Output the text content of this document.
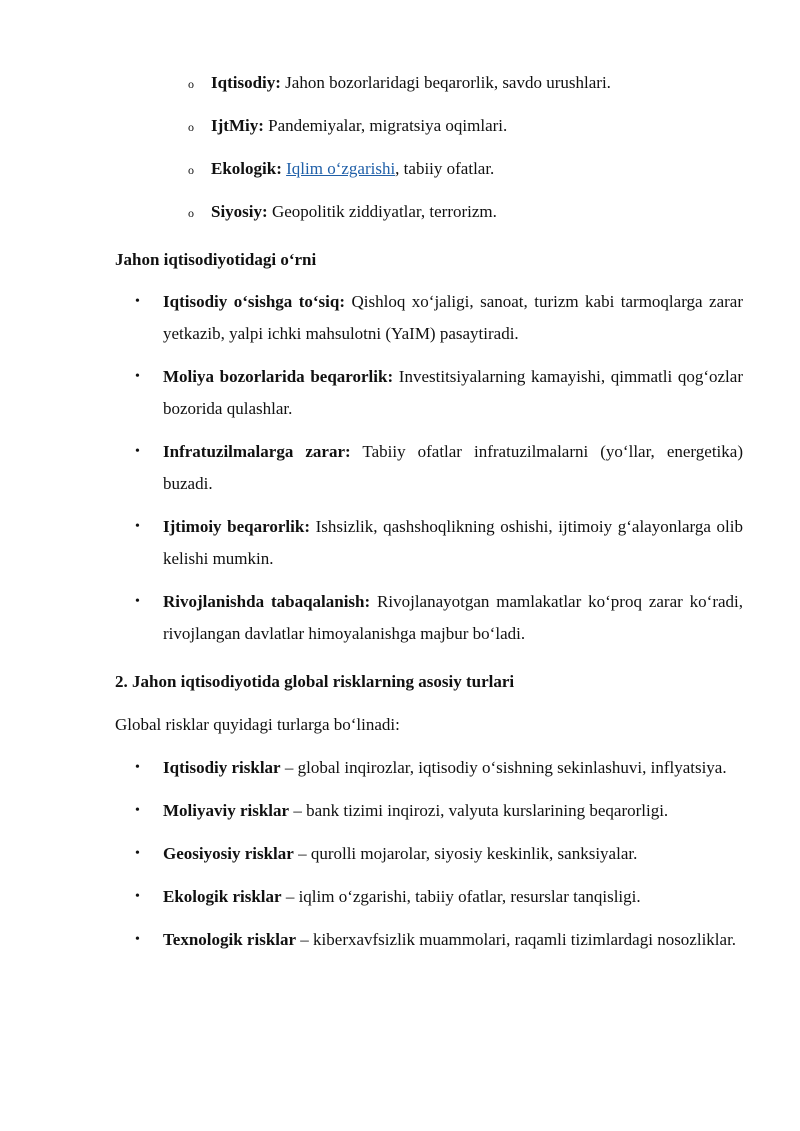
o	Iqtisodiy: Jahon bozorlaridagi beqarorlik, savdo urushlari.
o	IjtMiy: Pandemiyalar, migratsiya oqimlari.
o	Ekologik: Iqlim o‘zgarishi, tabiiy ofatlar.
o	Siyosiy: Geopolitik ziddiyatlar, terrorizm.
Jahon iqtisodiyotidagi o‘rni
•	Iqtisodiy o‘sishga to‘siq: Qishloq xo‘jaligi, sanoat, turizm kabi tarmoqlarga zarar yetkazib, yalpi ichki mahsulotni (YaIM) pasaytiradi.
•	Moliya bozorlarida beqarorlik: Investitsiyalarning kamayishi, qimmatli qog‘ozlar bozorida qulashlar.
•	Infratuzilmalarga zarar: Tabiiy ofatlar infratuzilmalarni (yo‘llar, energetika) buzadi.
•	Ijtimoiy beqarorlik: Ishsizlik, qashshoqlikning oshishi, ijtimoiy g‘alayonlarga olib kelishi mumkin.
•	Rivojlanishda tabaqalanish: Rivojlanayotgan mamlakatlar ko‘proq zarar ko‘radi, rivojlangan davlatlar himoyalanishga majbur bo‘ladi.
2. Jahon iqtisodiyotida global risklarning asosiy turlari
Global risklar quyidagi turlarga bo‘linadi:
•	Iqtisodiy risklar – global inqirozlar, iqtisodiy o‘sishning sekinlashuvi, inflyatsiya.
•	Moliyaviy risklar – bank tizimi inqirozi, valyuta kurslarining beqarorligi.
•	Geosiyosiy risklar – qurolli mojarolar, siyosiy keskinlik, sanksiyalar.
•	Ekologik risklar – iqlim o‘zgarishi, tabiiy ofatlar, resurslar tanqisligi.
•	Texnologik risklar – kiberxavfsizlik muammolari, raqamli tizimlardagi nosozliklar.
